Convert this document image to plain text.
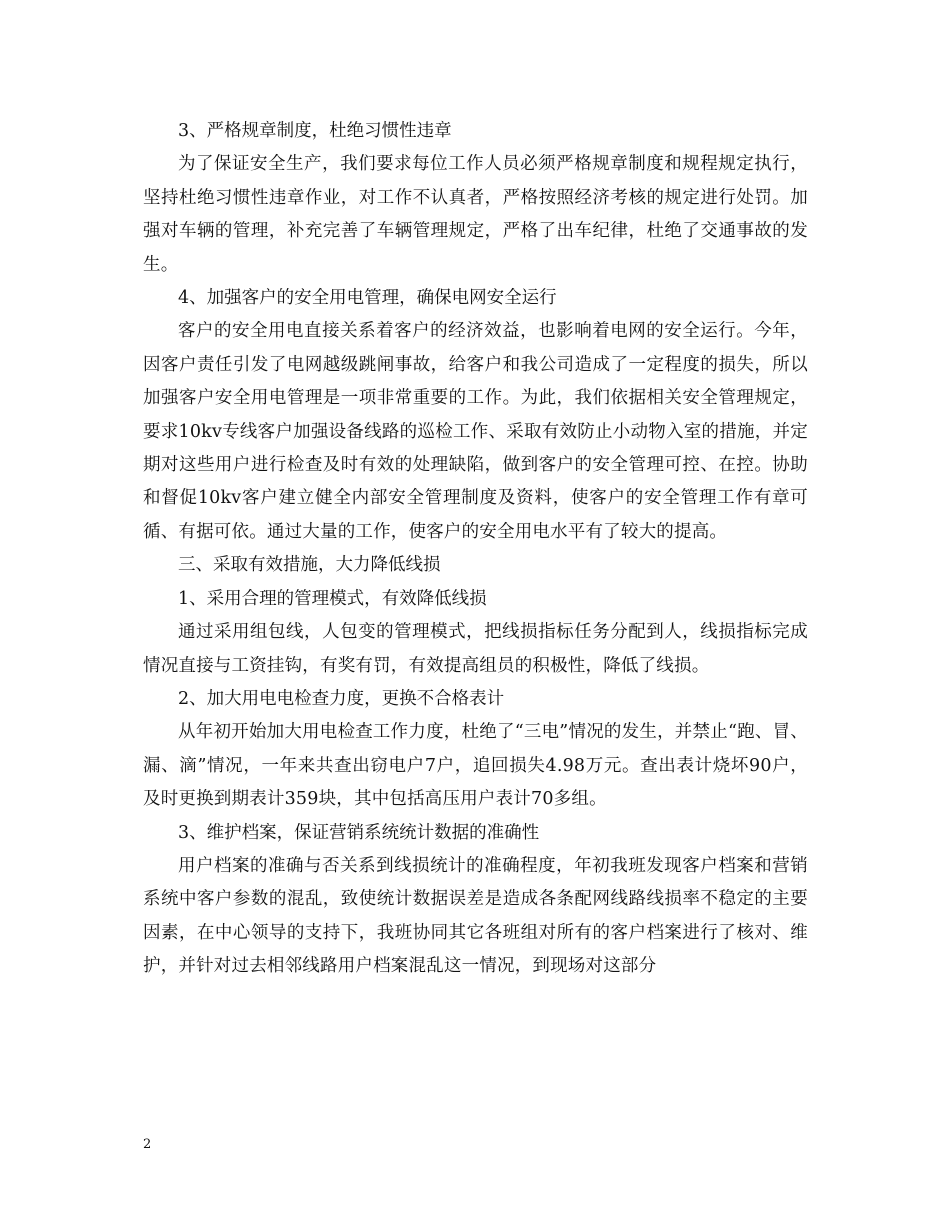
3、严格规章制度，杜绝习惯性违章

为了保证安全生产，我们要求每位工作人员必须严格规章制度和规程规定执行，坚持杜绝习惯性违章作业，对工作不认真者，严格按照经济考核的规定进行处罚。加强对车辆的管理，补充完善了车辆管理规定，严格了出车纪律，杜绝了交通事故的发生。

4、加强客户的安全用电管理，确保电网安全运行

客户的安全用电直接关系着客户的经济效益，也影响着电网的安全运行。今年，因客户责任引发了电网越级跳闸事故，给客户和我公司造成了一定程度的损失，所以加强客户安全用电管理是一项非常重要的工作。为此，我们依据相关安全管理规定，要求10kv专线客户加强设备线路的巡检工作、采取有效防止小动物入室的措施，并定期对这些用户进行检查及时有效的处理缺陷，做到客户的安全管理可控、在控。协助和督促10kv客户建立健全内部安全管理制度及资料，使客户的安全管理工作有章可循、有据可依。通过大量的工作，使客户的安全用电水平有了较大的提高。

三、采取有效措施，大力降低线损

1、采用合理的管理模式，有效降低线损

通过采用组包线，人包变的管理模式，把线损指标任务分配到人，线损指标完成情况直接与工资挂钩，有奖有罚，有效提高组员的积极性，降低了线损。

2、加大用电电检查力度，更换不合格表计

从年初开始加大用电检查工作力度，杜绝了“三电”情况的发生，并禁止“跑、冒、漏、滴”情况，一年来共查出窃电户7户，追回损失4.98万元。查出表计烧坏90户，及时更换到期表计359块，其中包括高压用户表计70多组。

3、维护档案，保证营销系统统计数据的准确性

用户档案的准确与否关系到线损统计的准确程度，年初我班发现客户档案和营销系统中客户参数的混乱，致使统计数据误差是造成各条配网线路线损率不稳定的主要因素，在中心领导的支持下，我班协同其它各班组对所有的客户档案进行了核对、维护，并针对过去相邻线路用户档案混乱这一情况，到现场对这部分

2
